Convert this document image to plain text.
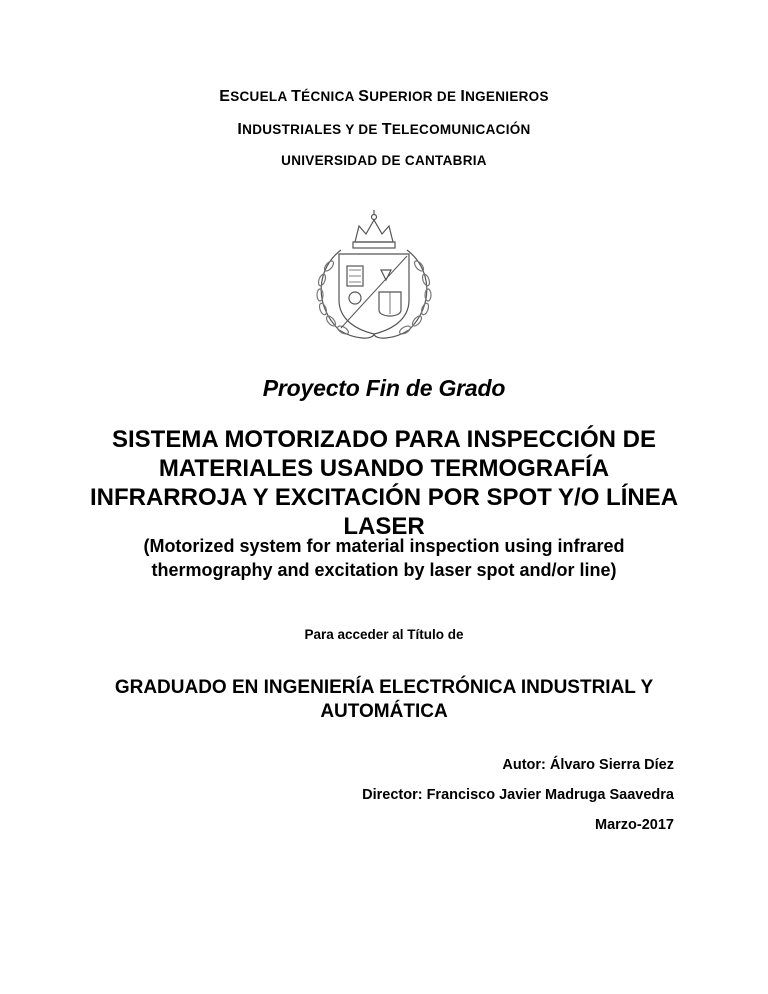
ESCUELA TÉCNICA SUPERIOR DE INGENIEROS
INDUSTRIALES Y DE TELECOMUNICACIÓN
UNIVERSIDAD DE CANTABRIA
Proyecto Fin de Grado
SISTEMA MOTORIZADO PARA INSPECCIÓN DE MATERIALES USANDO TERMOGRAFÍA INFRARROJA Y EXCITACIÓN POR SPOT Y/O LÍNEA LASER
(Motorized system for material inspection using infrared thermography and excitation by laser spot and/or line)
Para acceder al Título de
GRADUADO EN INGENIERÍA ELECTRÓNICA INDUSTRIAL Y AUTOMÁTICA
Autor: Álvaro Sierra Díez
Director: Francisco Javier Madruga Saavedra
Marzo-2017
